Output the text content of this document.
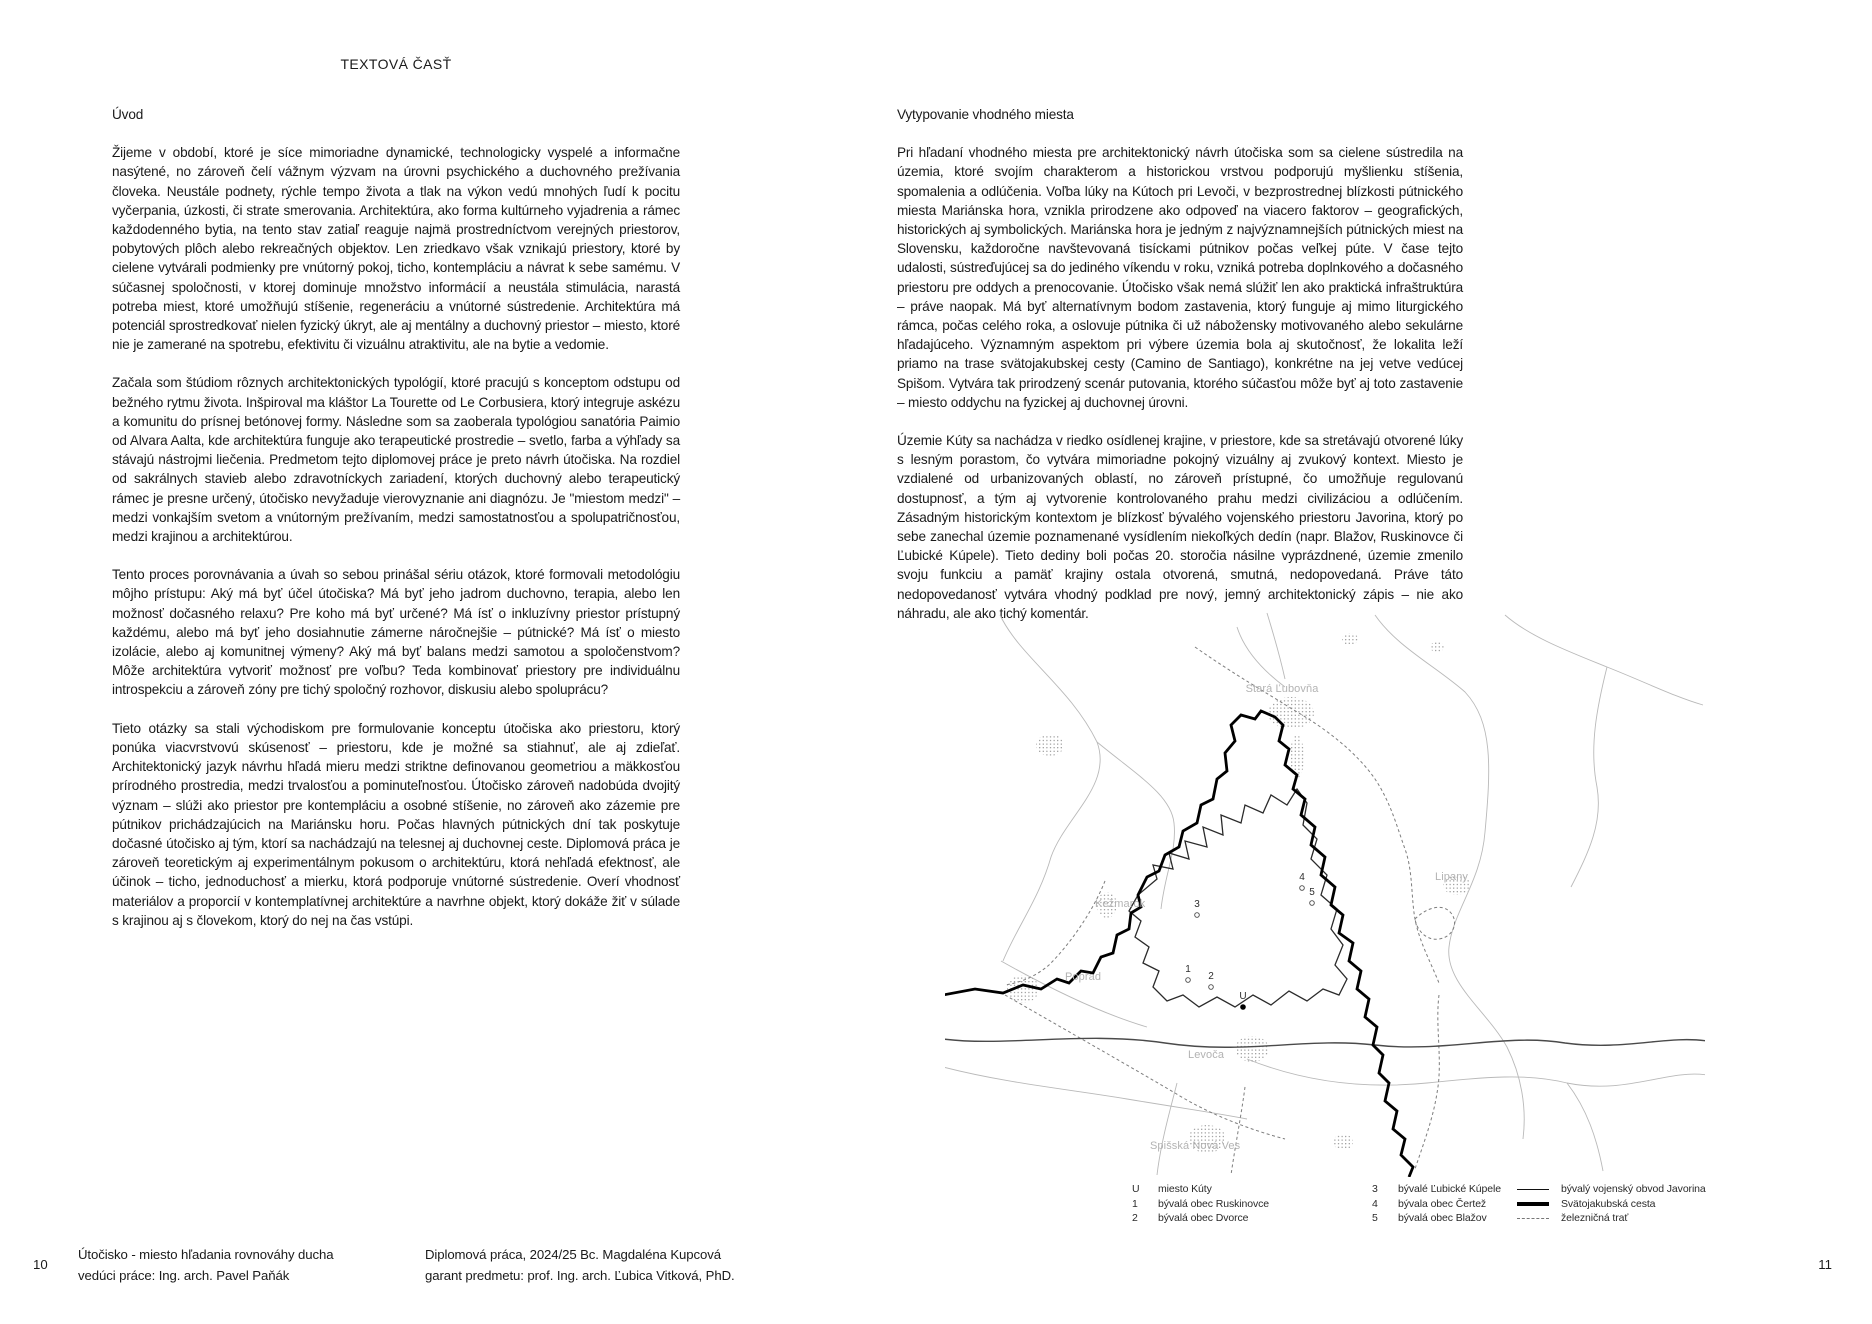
TEXTOVÁ ČASŤ
Úvod

Žijeme v období, ktoré je síce mimoriadne dynamické, technologicky vyspelé a informačne nasýtené, no zároveň čelí vážnym výzvam na úrovni psychického a duchovného prežívania človeka. Neustále podnety, rýchle tempo života a tlak na výkon vedú mnohých ľudí k pocitu vyčerpania, úzkosti, či strate smerovania. Architektúra, ako forma kultúrneho vyjadrenia a rámec každodenného bytia, na tento stav zatiaľ reaguje najmä prostredníctvom verejných priestorov, pobytových plôch alebo rekreačných objektov. Len zriedkavo však vznikajú priestory, ktoré by cielene vytvárali podmienky pre vnútorný pokoj, ticho, kontempláciu a návrat k sebe samému. V súčasnej spoločnosti, v ktorej dominuje množstvo informácií a neustála stimulácia, narastá potreba miest, ktoré umožňujú stíšenie, regeneráciu a vnútorné sústredenie. Architektúra má potenciál sprostredkovať nielen fyzický úkryt, ale aj mentálny a duchovný priestor – miesto, ktoré nie je zamerané na spotrebu, efektivitu či vizuálnu atraktivitu, ale na bytie a vedomie.

Začala som štúdiom rôznych architektonických typológií, ktoré pracujú s konceptom odstupu od bežného rytmu života. Inšpiroval ma kláštor La Tourette od Le Corbusiera, ktorý integruje askézu a komunitu do prísnej betónovej formy. Následne som sa zaoberala typológiou sanatória Paimio od Alvara Aalta, kde architektúra funguje ako terapeutické prostredie – svetlo, farba a výhľady sa stávajú nástrojmi liečenia. Predmetom tejto diplomovej práce je preto návrh útočiska. Na rozdiel od sakrálnych stavieb alebo zdravotníckych zariadení, ktorých duchovný alebo terapeutický rámec je presne určený, útočisko nevyžaduje vierovyznanie ani diagnózu. Je "miestom medzi" – medzi vonkajším svetom a vnútorným prežívaním, medzi samostatnosťou a spolupatričnosťou, medzi krajinou a architektúrou.

Tento proces porovnávania a úvah so sebou prinášal sériu otázok, ktoré formovali metodológiu môjho prístupu: Aký má byť účel útočiska? Má byť jeho jadrom duchovno, terapia, alebo len možnosť dočasného relaxu? Pre koho má byť určené? Má ísť o inkluzívny priestor prístupný každému, alebo má byť jeho dosiahnutie zámerne náročnejšie – pútnické? Má ísť o miesto izolácie, alebo aj komunitnej výmeny? Aký má byť balans medzi samotou a spoločenstvom? Môže architektúra vytvoriť možnosť pre voľbu? Teda kombinovať priestory pre individuálnu introspekciu a zároveň zóny pre tichý spoločný rozhovor, diskusiu alebo spoluprácu?

Tieto otázky sa stali východiskom pre formulovanie konceptu útočiska ako priestoru, ktorý ponúka viacvrstvovú skúsenosť – priestoru, kde je možné sa stiahnuť, ale aj zdieľať. Architektonický jazyk návrhu hľadá mieru medzi striktne definovanou geometriou a mäkkosťou prírodného prostredia, medzi trvalosťou a pominuteľnosťou. Útočisko zároveň nadobúda dvojitý význam – slúži ako priestor pre kontempláciu a osobné stíšenie, no zároveň ako zázemie pre pútnikov prichádzajúcich na Mariánsku horu. Počas hlavných pútnických dní tak poskytuje dočasné útočisko aj tým, ktorí sa nachádzajú na telesnej aj duchovnej ceste. Diplomová práca je zároveň teoretickým aj experimentálnym pokusom o architektúru, ktorá nehľadá efektnosť, ale účinok – ticho, jednoduchosť a mierku, ktorá podporuje vnútorné sústredenie. Overí vhodnosť materiálov a proporcií v kontemplatívnej architektúre a navrhne objekt, ktorý dokáže žiť v súlade s krajinou aj s človekom, ktorý do nej na čas vstúpi.

Vytypovanie vhodného miesta

Pri hľadaní vhodného miesta pre architektonický návrh útočiska som sa cielene sústredila na územia, ktoré svojím charakterom a historickou vrstvou podporujú myšlienku stíšenia, spomalenia a odlúčenia. Voľba lúky na Kútoch pri Levoči, v bezprostrednej blízkosti pútnického miesta Mariánska hora, vznikla prirodzene ako odpoveď na viacero faktorov – geografických, historických aj symbolických. Mariánska hora je jedným z najvýznamnejších pútnických miest na Slovensku, každoročne navštevovaná tisíckami pútnikov počas veľkej púte. V čase tejto udalosti, sústreďujúcej sa do jediného víkendu v roku, vzniká potreba doplnkového a dočasného priestoru pre oddych a prenocovanie. Útočisko však nemá slúžiť len ako praktická infraštruktúra – práve naopak. Má byť alternatívnym bodom zastavenia, ktorý funguje aj mimo liturgického rámca, počas celého roka, a oslovuje pútnika či už nábožensky motivovaného alebo sekulárne hľadajúceho. Významným aspektom pri výbere územia bola aj skutočnosť, že lokalita leží priamo na trase svätojakubskej cesty (Camino de Santiago), konkrétne na jej vetve vedúcej Spišom. Vytvára tak prirodzený scenár putovania, ktorého súčasťou môže byť aj toto zastavenie – miesto oddychu na fyzickej aj duchovnej úrovni.

Územie Kúty sa nachádza v riedko osídlenej krajine, v priestore, kde sa stretávajú otvorené lúky s lesným porastom, čo vytvára mimoriadne pokojný vizuálny aj zvukový kontext. Miesto je vzdialené od urbanizovaných oblastí, no zároveň prístupné, čo umožňuje regulovanú dostupnosť, a tým aj vytvorenie kontrolovaného prahu medzi civilizáciou a odlúčením. Zásadným historickým kontextom je blízkosť bývalého vojenského priestoru Javorina, ktorý po sebe zanechal územie poznamenané vysídlením niekoľkých dedín (napr. Blažov, Ruskinovce či Ľubické Kúpele). Tieto dediny boli počas 20. storočia násilne vyprázdnené, územie zmenilo svoju funkciu a pamäť krajiny ostala otvorená, smutná, nedopovedaná. Práve táto nedopovedanosť vytvára vhodný podklad pre nový, jemný architektonický zápis – nie ako náhradu, ale ako tichý komentár.

Stará Ľubovňa
Lipany
Kežmarok
Poprad
Levoča
Spišská Nová Ves
U
1
2
3
4
5
U	miesto Kúty
1	bývalá obec Ruskinovce
2	bývalá obec Dvorce
3	bývalé Ľubické Kúpele
4	bývala obec Čertež
5	bývalá obec Blažov
bývalý vojenský obvod Javorina
Svätojakubská cesta
železničná trať
10
Útočisko - miesto hľadania rovnováhy ducha
vedúci práce: Ing. arch. Pavel Paňák
Diplomová práca, 2024/25 Bc. Magdaléna Kupcová
garant predmetu: prof. Ing. arch. Ľubica Vitková, PhD.
11
